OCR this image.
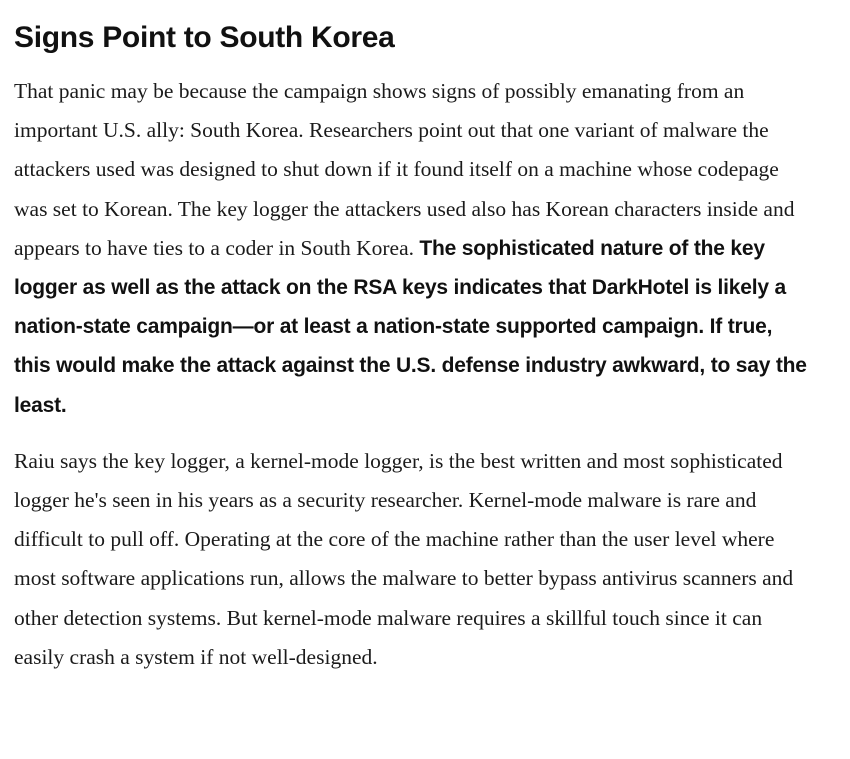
Signs Point to South Korea

That panic may be because the campaign shows signs of possibly emanating from an important U.S. ally: South Korea. Researchers point out that one variant of malware the attackers used was designed to shut down if it found itself on a machine whose codepage was set to Korean. The key logger the attackers used also has Korean characters inside and appears to have ties to a coder in South Korea. The sophisticated nature of the key logger as well as the attack on the RSA keys indicates that DarkHotel is likely a nation-state campaign—or at least a nation-state supported campaign. If true, this would make the attack against the U.S. defense industry awkward, to say the least.

Raiu says the key logger, a kernel-mode logger, is the best written and most sophisticated logger he's seen in his years as a security researcher. Kernel-mode malware is rare and difficult to pull off. Operating at the core of the machine rather than the user level where most software applications run, allows the malware to better bypass antivirus scanners and other detection systems. But kernel-mode malware requires a skillful touch since it can easily crash a system if not well-designed.
